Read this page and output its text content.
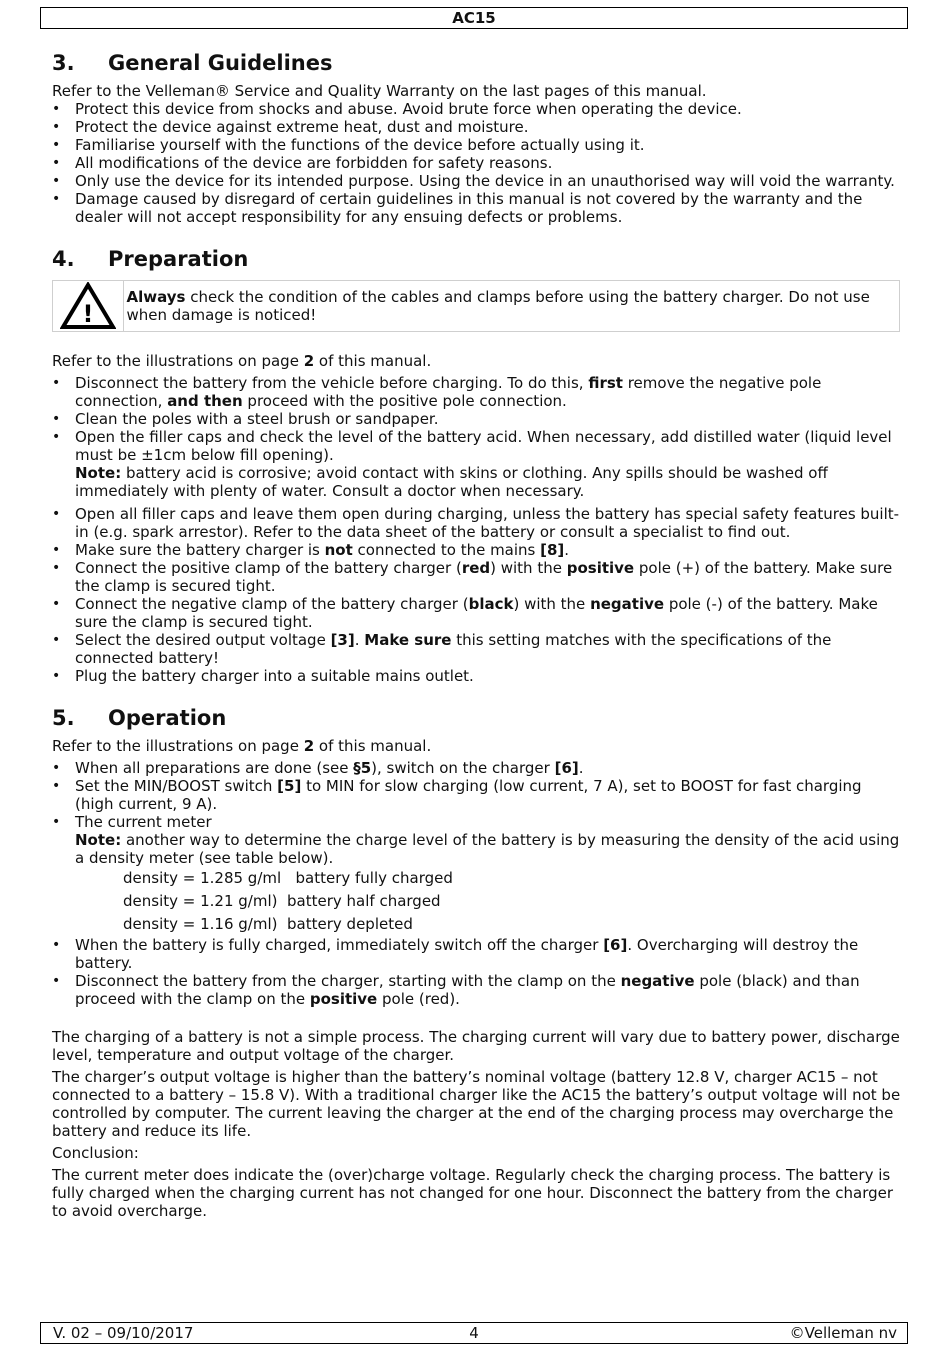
AC15
3. General Guidelines

Refer to the Velleman® Service and Quality Warranty on the last pages of this manual.

• Protect this device from shocks and abuse. Avoid brute force when operating the device.
• Protect the device against extreme heat, dust and moisture.
• Familiarise yourself with the functions of the device before actually using it.
• All modifications of the device are forbidden for safety reasons.
• Only use the device for its intended purpose. Using the device in an unauthorised way will void the warranty.
• Damage caused by disregard of certain guidelines in this manual is not covered by the warranty and the dealer will not accept responsibility for any ensuing defects or problems.
4. Preparation
!
Always check the condition of the cables and clamps before using the battery charger. Do not use when damage is noticed!

Refer to the illustrations on page 2 of this manual.

• Disconnect the battery from the vehicle before charging. To do this, first remove the negative pole connection, and then proceed with the positive pole connection.
• Clean the poles with a steel brush or sandpaper.
• Open the filler caps and check the level of the battery acid. When necessary, add distilled water (liquid level must be ±1cm below fill opening).
Note: battery acid is corrosive; avoid contact with skins or clothing. Any spills should be washed off immediately with plenty of water. Consult a doctor when necessary.
• Open all filler caps and leave them open during charging, unless the battery has special safety features built-in (e.g. spark arrestor). Refer to the data sheet of the battery or consult a specialist to find out.
• Make sure the battery charger is not connected to the mains [8].
• Connect the positive clamp of the battery charger (red) with the positive pole (+) of the battery. Make sure the clamp is secured tight.
• Connect the negative clamp of the battery charger (black) with the negative pole (-) of the battery. Make sure the clamp is secured tight.
• Select the desired output voltage [3]. Make sure this setting matches with the specifications of the connected battery!
• Plug the battery charger into a suitable mains outlet.
5. Operation

Refer to the illustrations on page 2 of this manual.

• When all preparations are done (see §5), switch on the charger [6].
• Set the MIN/BOOST switch [5] to MIN for slow charging (low current, 7 A), set to BOOST for fast charging (high current, 9 A).
• The current meter
Note: another way to determine the charge level of the battery is by measuring the density of the acid using a density meter (see table below).
density = 1.285 g/ml battery fully charged
density = 1.21 g/ml) battery half charged
density = 1.16 g/ml) battery depleted
• When the battery is fully charged, immediately switch off the charger [6]. Overcharging will destroy the battery.
• Disconnect the battery from the charger, starting with the clamp on the negative pole (black) and than proceed with the clamp on the positive pole (red).

The charging of a battery is not a simple process. The charging current will vary due to battery power, discharge level, temperature and output voltage of the charger.

The charger’s output voltage is higher than the battery’s nominal voltage (battery 12.8 V, charger AC15 – not connected to a battery – 15.8 V). With a traditional charger like the AC15 the battery’s output voltage will not be controlled by computer. The current leaving the charger at the end of the charging process may overcharge the battery and reduce its life.

Conclusion:

The current meter does indicate the (over)charge voltage. Regularly check the charging process. The battery is fully charged when the charging current has not changed for one hour. Disconnect the battery from the charger to avoid overcharge.

V. 02 – 09/10/2017	4	©Velleman nv
